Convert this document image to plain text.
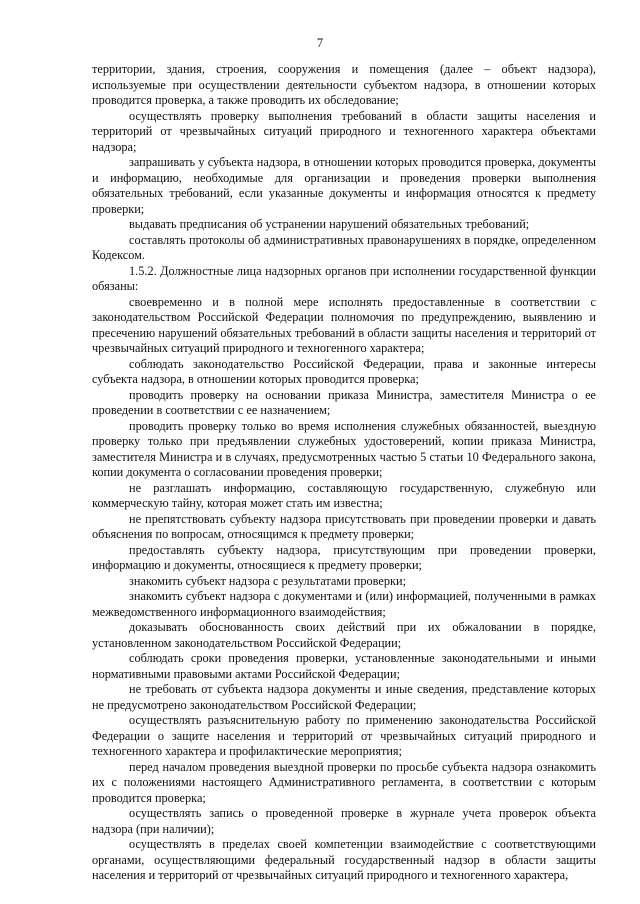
7

территории, здания, строения, сооружения и помещения (далее – объект надзора), используемые при осуществлении деятельности субъектом надзора, в отношении которых проводится проверка, а также проводить их обследование;

осуществлять проверку выполнения требований в области защиты населения и территорий от чрезвычайных ситуаций природного и техногенного характера объектами надзора;

запрашивать у субъекта надзора, в отношении которых проводится проверка, документы и информацию, необходимые для организации и проведения проверки выполнения обязательных требований, если указанные документы и информация относятся к предмету проверки;

выдавать предписания об устранении нарушений обязательных требований;

составлять протоколы об административных правонарушениях в порядке, определенном Кодексом.

1.5.2. Должностные лица надзорных органов при исполнении государственной функции обязаны:

своевременно и в полной мере исполнять предоставленные в соответствии с законодательством Российской Федерации полномочия по предупреждению, выявлению и пресечению нарушений обязательных требований в области защиты населения и территорий от чрезвычайных ситуаций природного и техногенного характера;

соблюдать законодательство Российской Федерации, права и законные интересы субъекта надзора, в отношении которых проводится проверка;

проводить проверку на основании приказа Министра, заместителя Министра о ее проведении в соответствии с ее назначением;

проводить проверку только во время исполнения служебных обязанностей, выездную проверку только при предъявлении служебных удостоверений, копии приказа Министра, заместителя Министра и в случаях, предусмотренных частью 5 статьи 10 Федерального закона, копии документа о согласовании проведения проверки;

не разглашать информацию, составляющую государственную, служебную или коммерческую тайну, которая может стать им известна;

не препятствовать субъекту надзора присутствовать при проведении проверки и давать объяснения по вопросам, относящимся к предмету проверки;

предоставлять субъекту надзора, присутствующим при проведении проверки, информацию и документы, относящиеся к предмету проверки;

знакомить субъект надзора с результатами проверки;

знакомить субъект надзора с документами и (или) информацией, полученными в рамках межведомственного информационного взаимодействия;

доказывать обоснованность своих действий при их обжаловании в порядке, установленном законодательством Российской Федерации;

соблюдать сроки проведения проверки, установленные законодательными и иными нормативными правовыми актами Российской Федерации;

не требовать от субъекта надзора документы и иные сведения, представление которых не предусмотрено законодательством Российской Федерации;

осуществлять разъяснительную работу по применению законодательства Российской Федерации о защите населения и территорий от чрезвычайных ситуаций природного и техногенного характера и профилактические мероприятия;

перед началом проведения выездной проверки по просьбе субъекта надзора ознакомить их с положениями настоящего Административного регламента, в соответствии с которым проводится проверка;

осуществлять запись о проведенной проверке в журнале учета проверок объекта надзора (при наличии);

осуществлять в пределах своей компетенции взаимодействие с соответствующими органами, осуществляющими федеральный государственный надзор в области защиты населения и территорий от чрезвычайных ситуаций природного и техногенного характера,
